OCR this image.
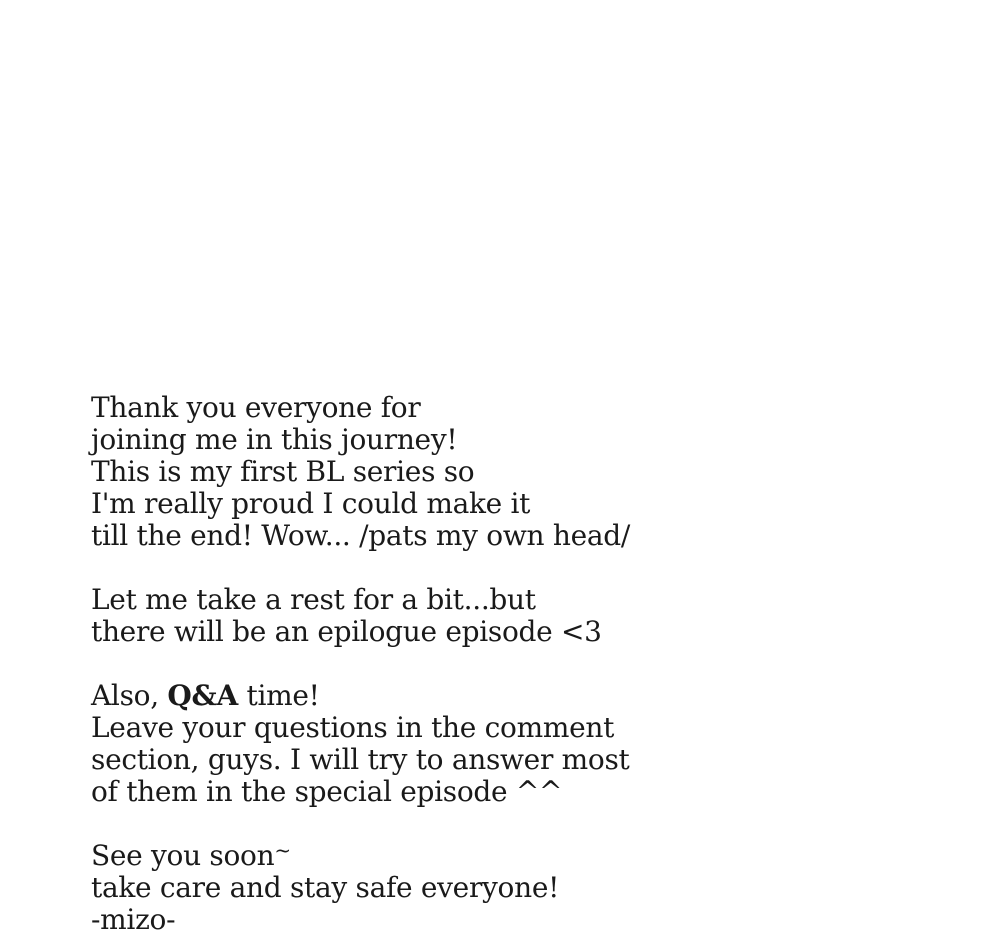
Thank you everyone for
joining me in this journey!
This is my first BL series so
I'm really proud I could make it
till the end! Wow... /pats my own head/
Let me take a rest for a bit...but
there will be an epilogue episode <3
Also, Q&A time!
Leave your questions in the comment
section, guys. I will try to answer most
of them in the special episode ^^
See you soon~
take care and stay safe everyone!
-mizo-
